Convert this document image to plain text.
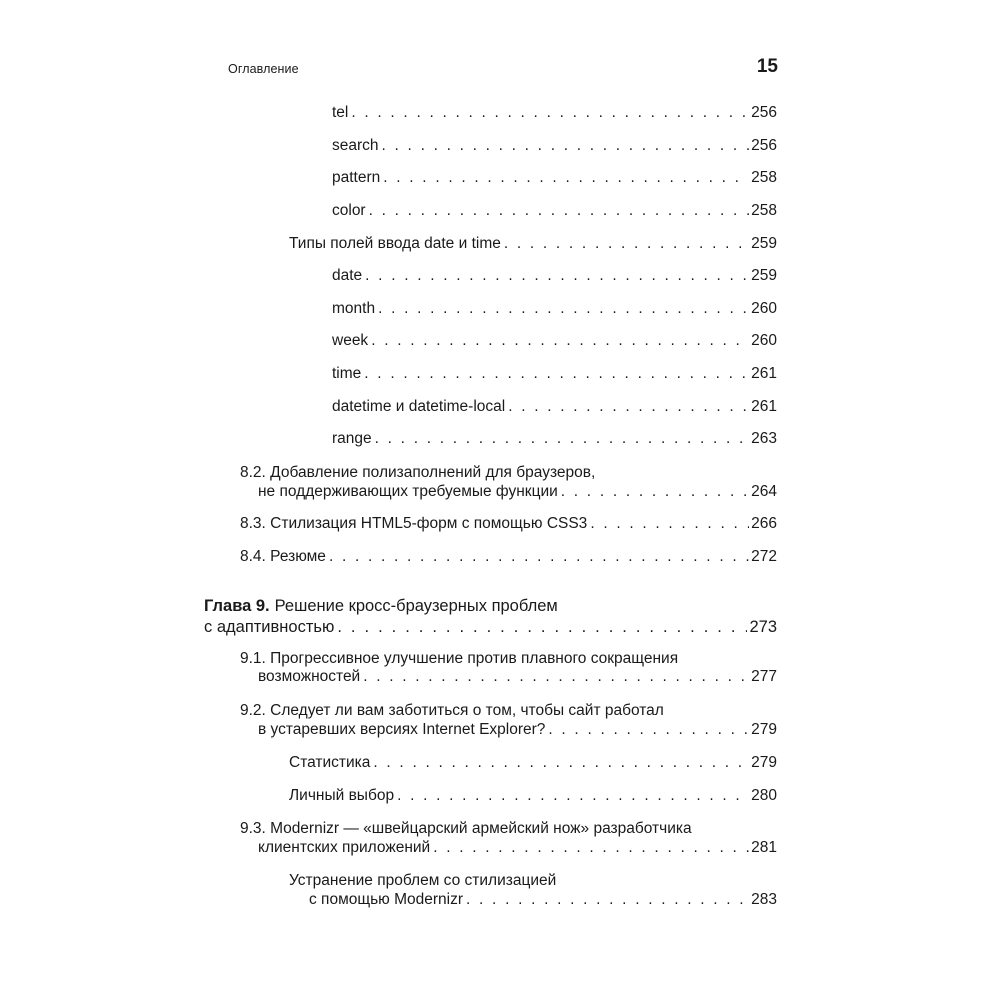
Оглавление	15
tel . . .	256
search . . .	256
pattern . . .	258
color . . .	258
Типы полей ввода date и time . . .	259
date . . .	259
month . . .	260
week . . .	260
time . . .	261
datetime и datetime-local . . .	261
range . . .	263
8.2. Добавление полизаполнений для браузеров,
не поддерживающих требуемые функции . . .	264
8.3. Стилизация HTML5-форм с помощью CSS3 . . .	266
8.4. Резюме . . .	272
Глава 9. Решение кросс-браузерных проблем
с адаптивностью . . .	273
9.1. Прогрессивное улучшение против плавного сокращения
возможностей . . .	277
9.2. Следует ли вам заботиться о том, чтобы сайт работал
в устаревших версиях Internet Explorer? . . .	279
Статистика . . .	279
Личный выбор . . .	280
9.3. Modernizr — «швейцарский армейский нож» разработчика
клиентских приложений . . .	281
Устранение проблем со стилизацией
с помощью Modernizr . . .	283
